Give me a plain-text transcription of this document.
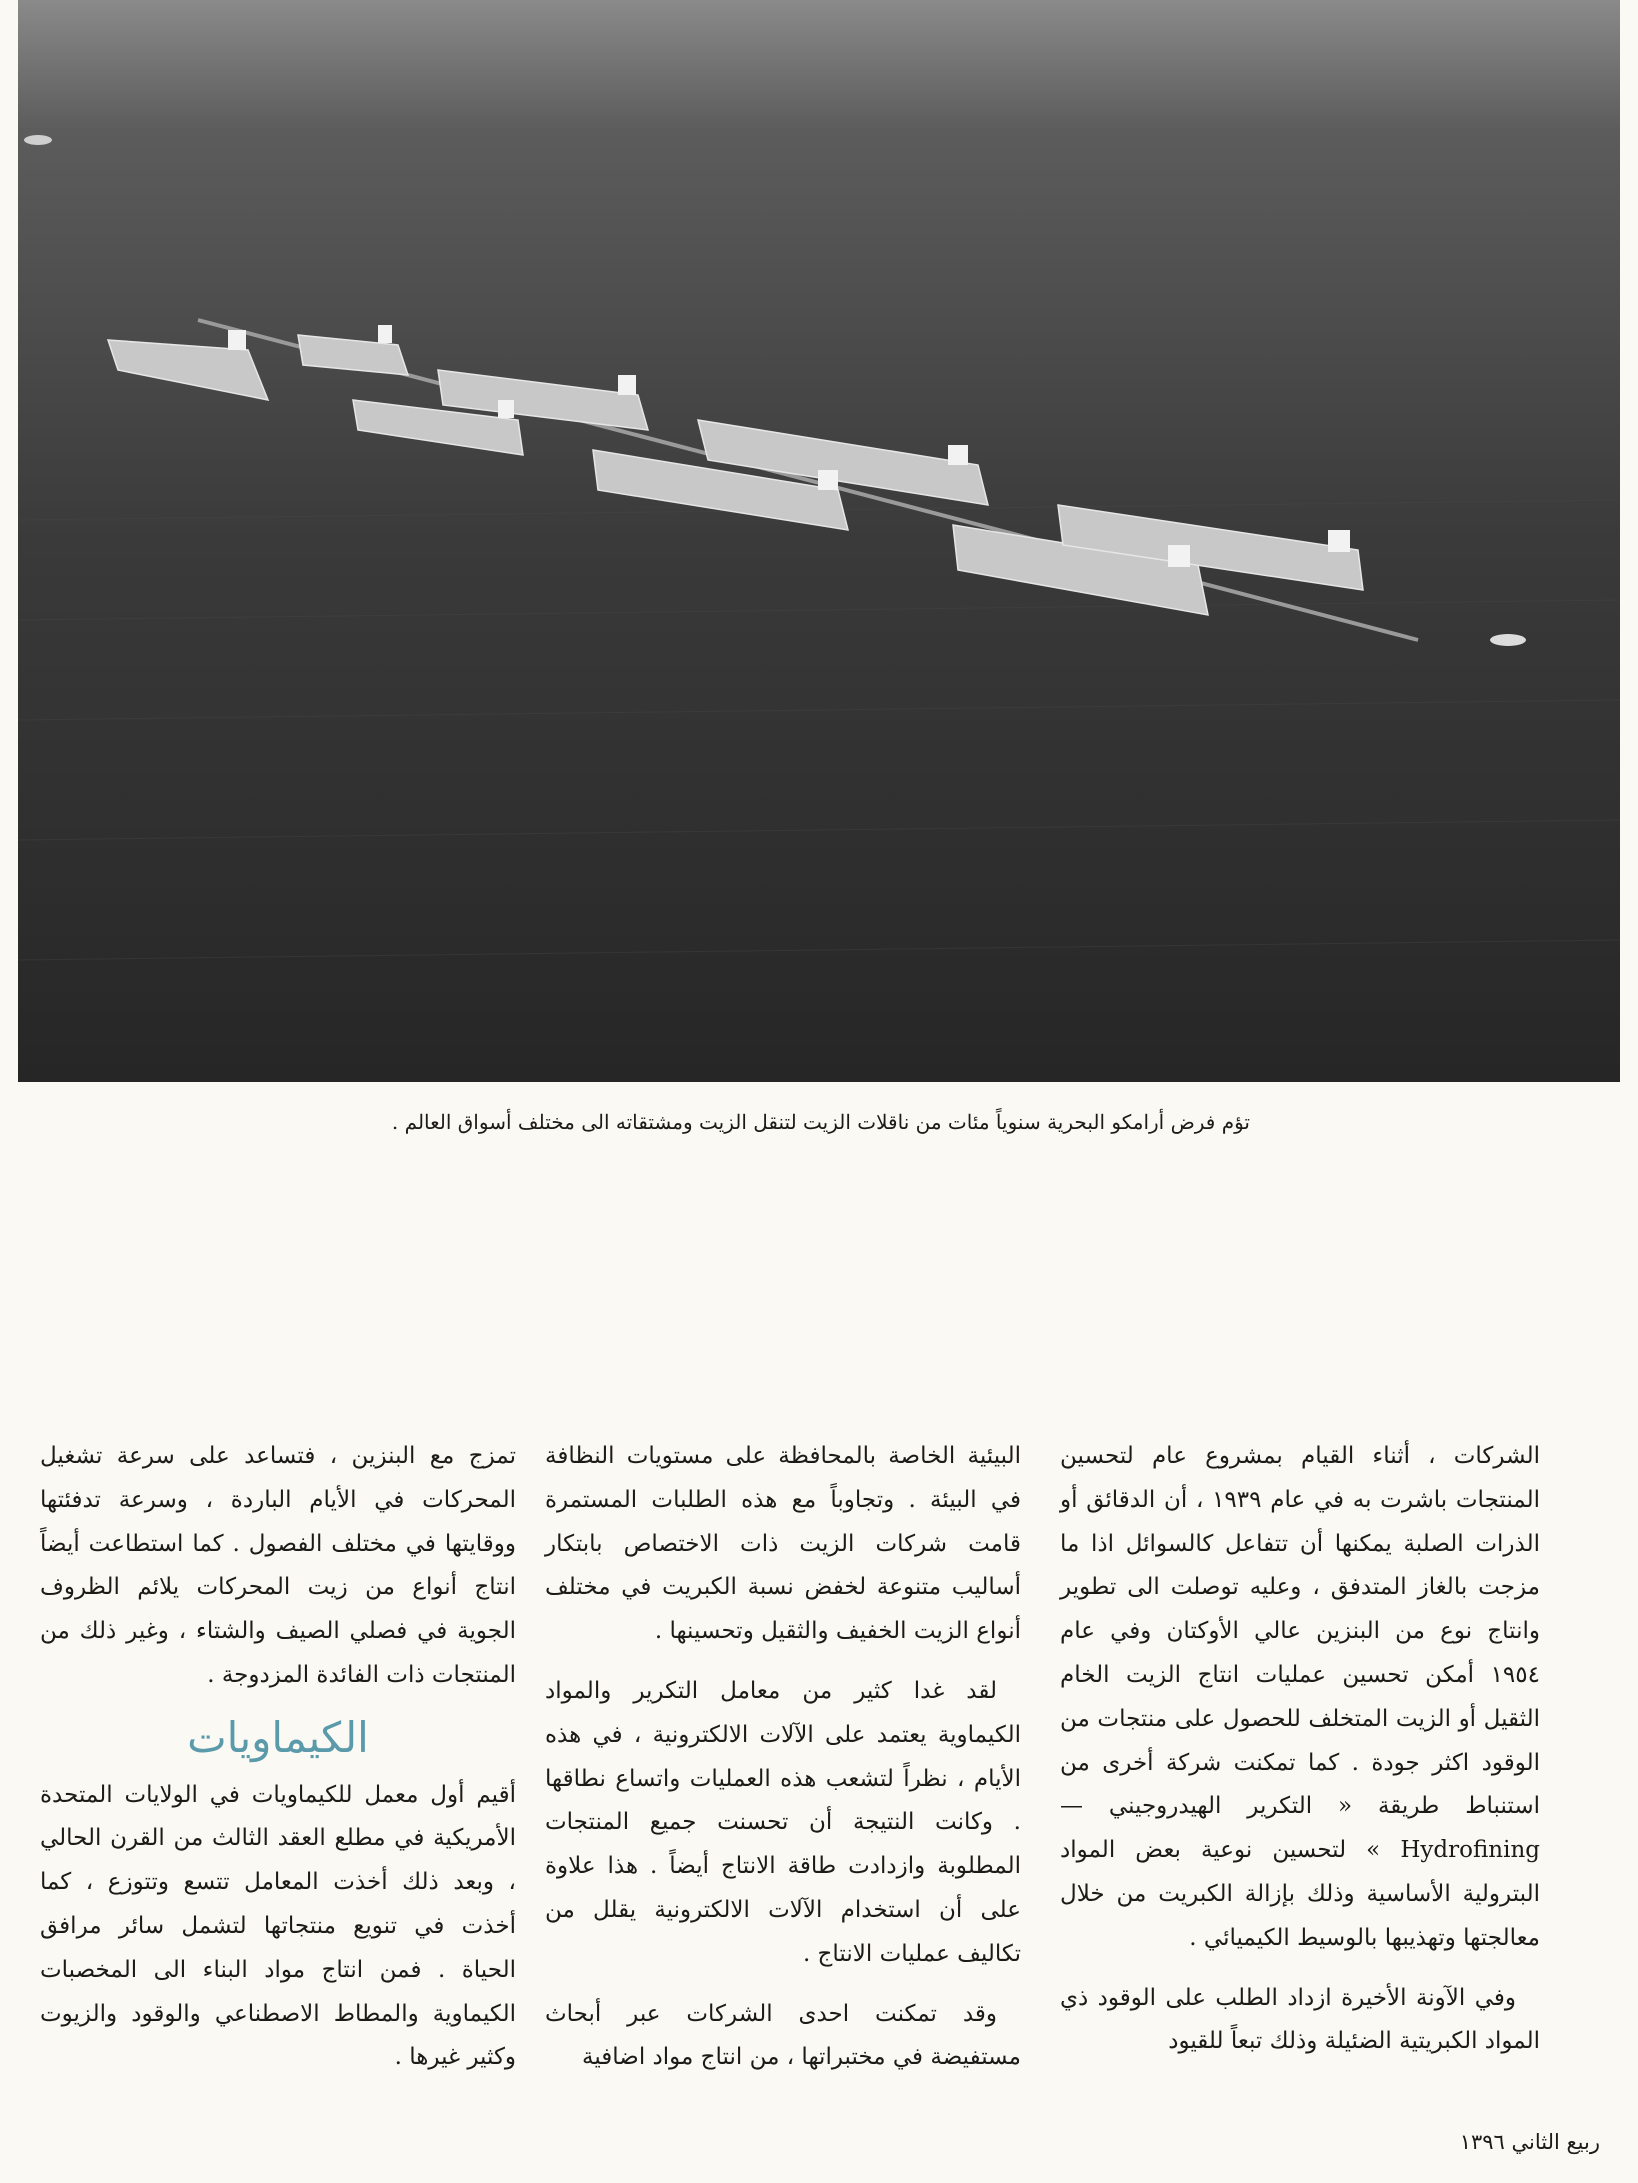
تؤم فرض أرامكو البحرية سنوياً مئات من ناقلات الزيت لتنقل الزيت ومشتقاته الى مختلف أسواق العالم .

الشركات ، أثناء القيام بمشروع عام لتحسين المنتجات باشرت به في عام ١٩٣٩ ، أن الدقائق أو الذرات الصلبة يمكنها أن تتفاعل كالسوائل اذا ما مزجت بالغاز المتدفق ، وعليه توصلت الى تطوير وانتاج نوع من البنزين عالي الأوكتان وفي عام ١٩٥٤ أمكن تحسين عمليات انتاج الزيت الخام الثقيل أو الزيت المتخلف للحصول على منتجات من الوقود اكثر جودة . كما تمكنت شركة أخرى من استنباط طريقة « التكرير الهيدروجيني — Hydrofining » لتحسين نوعية بعض المواد البترولية الأساسية وذلك بإزالة الكبريت من خلال معالجتها وتهذيبها بالوسيط الكيميائي .

وفي الآونة الأخيرة ازداد الطلب على الوقود ذي المواد الكبريتية الضئيلة وذلك تبعاً للقيود

البيئية الخاصة بالمحافظة على مستويات النظافة في البيئة . وتجاوباً مع هذه الطلبات المستمرة قامت شركات الزيت ذات الاختصاص بابتكار أساليب متنوعة لخفض نسبة الكبريت في مختلف أنواع الزيت الخفيف والثقيل وتحسينها .

لقد غدا كثير من معامل التكرير والمواد الكيماوية يعتمد على الآلات الالكترونية ، في هذه الأيام ، نظراً لتشعب هذه العمليات واتساع نطاقها . وكانت النتيجة أن تحسنت جميع المنتجات المطلوبة وازدادت طاقة الانتاج أيضاً . هذا علاوة على أن استخدام الآلات الالكترونية يقلل من تكاليف عمليات الانتاج .

وقد تمكنت احدى الشركات عبر أبحاث مستفيضة في مختبراتها ، من انتاج مواد اضافية

تمزج مع البنزين ، فتساعد على سرعة تشغيل المحركات في الأيام الباردة ، وسرعة تدفئتها ووقايتها في مختلف الفصول . كما استطاعت أيضاً انتاج أنواع من زيت المحركات يلائم الظروف الجوية في فصلي الصيف والشتاء ، وغير ذلك من المنتجات ذات الفائدة المزدوجة .

الكيماويات

أقيم أول معمل للكيماويات في الولايات المتحدة الأمريكية في مطلع العقد الثالث من القرن الحالي ، وبعد ذلك أخذت المعامل تتسع وتتوزع ، كما أخذت في تنويع منتجاتها لتشمل سائر مرافق الحياة . فمن انتاج مواد البناء الى المخصبات الكيماوية والمطاط الاصطناعي والوقود والزيوت وكثير غيرها .

ربيع الثاني ١٣٩٦
